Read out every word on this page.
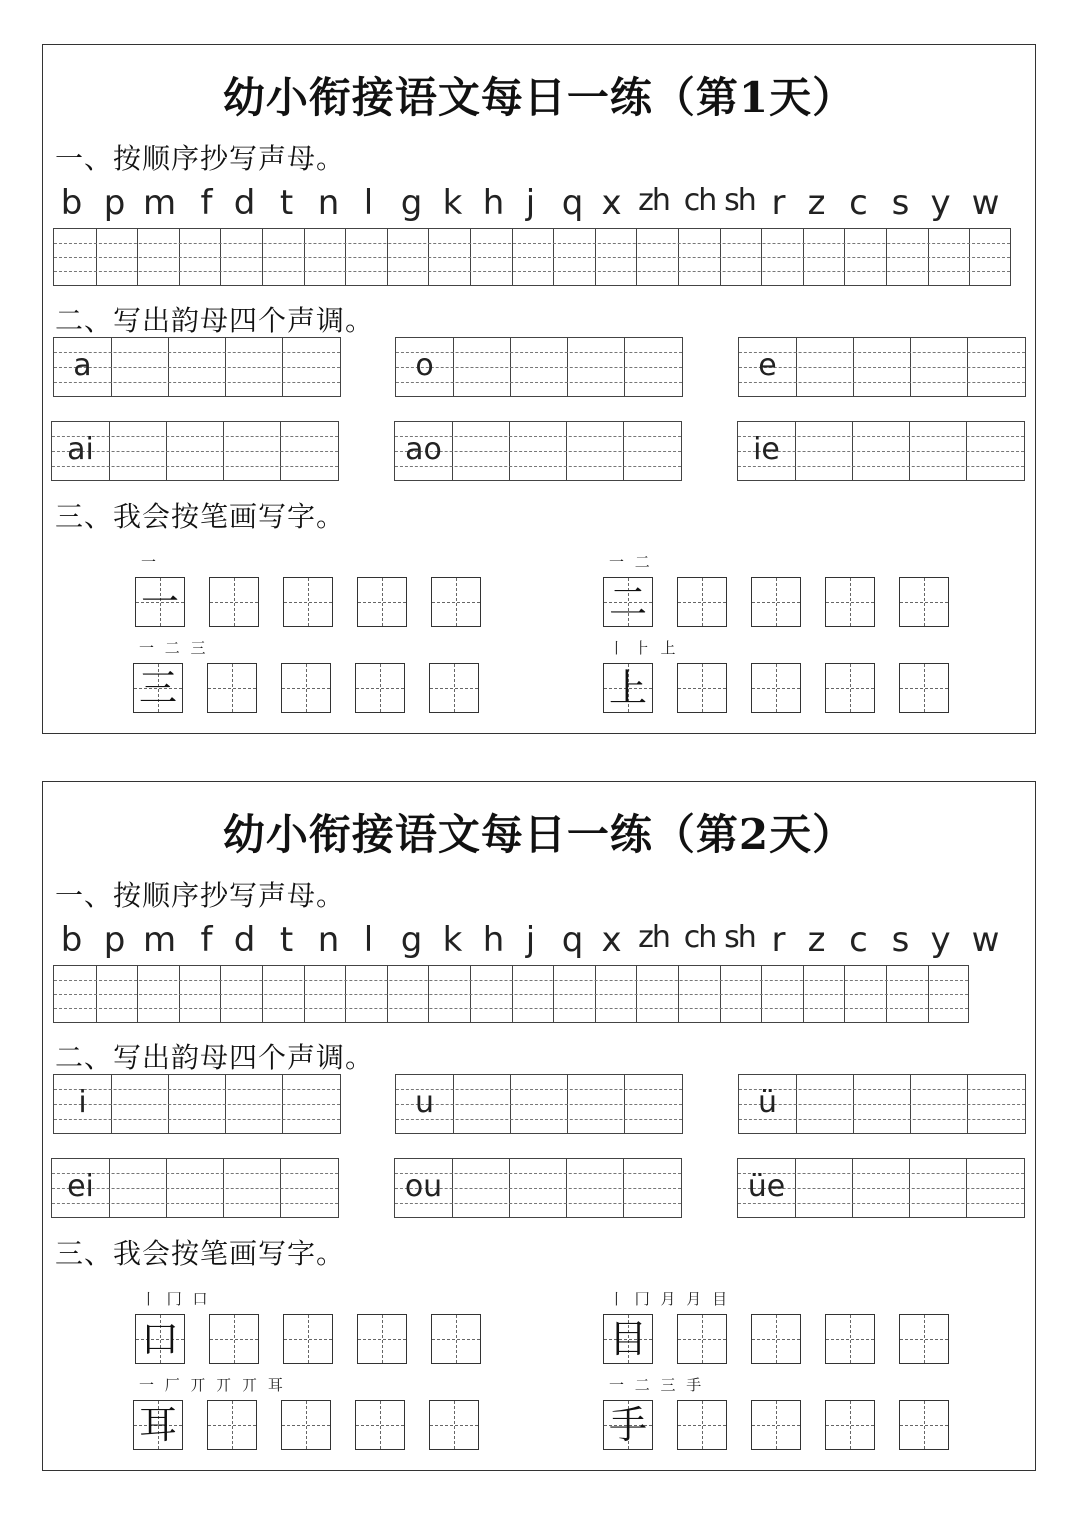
幼小衔接语文每日一练（第1天）
一、按顺序抄写声母。
b p m f d t n l g k h j q x zh ch sh r z c s y w
二、写出韵母四个声调。
a	o	e
ai	ao	ie
三、我会按笔画写字。
一
一
一 二
二
一 二 三
三
丨 ⺊ 上
上
幼小衔接语文每日一练（第2天）
一、按顺序抄写声母。
b p m f d t n l g k h j q x zh ch sh r z c s y w
二、写出韵母四个声调。
i	u	ü
ei	ou	üe
三、我会按笔画写字。
丨 冂 口
口
丨 冂 月 月 目
目
一 厂 丌 丌 丌 耳
耳
一 二 三 手
手
